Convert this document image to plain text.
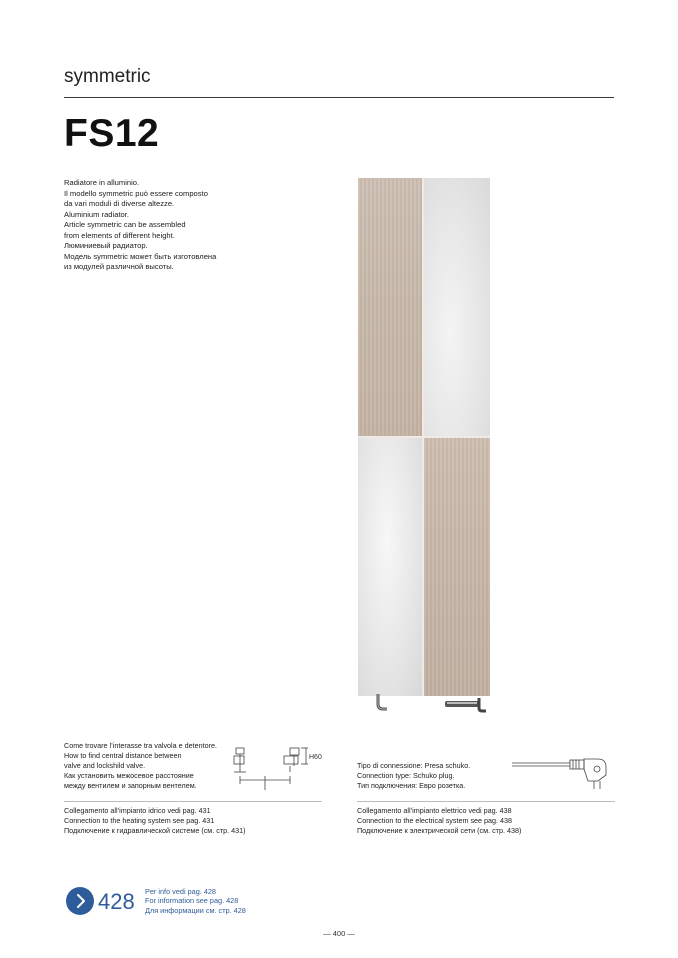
symmetric
FS12
Radiatore in alluminio.
Il modello symmetric può essere composto
da vari moduli di diverse altezze.
Aluminium radiator.
Article symmetric can be assembled
from elements of different height.
Люминиевый радиатор.
Модель symmetric может быть изготовлена
из модулей различной высоты.
Come trovare l’interasse tra valvola e detentore.
How to find central distance between
valve and lockshild valve.
Как установить межосевое расстояние
между вентилем и запорным вентелем.
H60
Tipo di connessione: Presa schuko.
Connection type: Schuko plug.
Тип подключения: Евро розетка.
Collegamento all’impianto idrico vedi pag. 431
Connection to the heating system see pag. 431
Подключение к гидравлической системе (см. стр. 431)
Collegamento all’impianto elettrico vedi pag. 438
Connection to the electrical system see pag. 438
Подключение к электрической сети (см. стр. 438)
428 Per info vedi pag. 428
For information see pag. 428
Для информации см. стр. 428
— 400 —
